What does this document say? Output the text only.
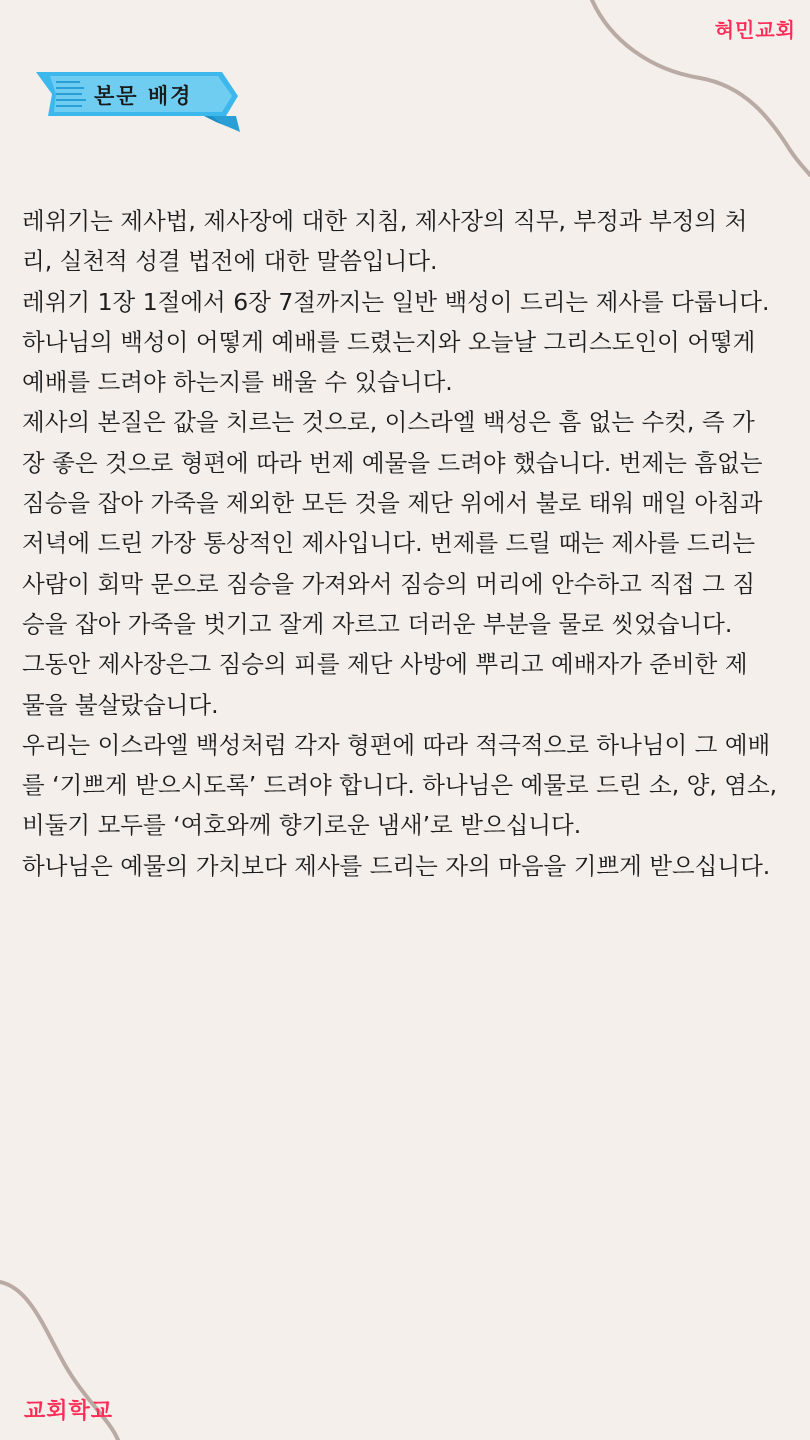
혀민교회
본문 배경
레위기는 제사법, 제사장에 대한 지침, 제사장의 직무, 부정과 부정의 처
리, 실천적 성결 법전에 대한 말씀입니다.
레위기 1장 1절에서 6장 7절까지는 일반 백성이 드리는 제사를 다룹니다.
하나님의 백성이 어떻게 예배를 드렸는지와 오늘날 그리스도인이 어떻게
예배를 드려야 하는지를 배울 수 있습니다.
제사의 본질은 값을 치르는 것으로, 이스라엘 백성은 흠 없는 수컷, 즉 가
장 좋은 것으로 형편에 따라 번제 예물을 드려야 했습니다. 번제는 흠없는
짐승을 잡아 가죽을 제외한 모든 것을 제단 위에서 불로 태워 매일 아침과
저녁에 드린 가장 통상적인 제사입니다. 번제를 드릴 때는 제사를 드리는
사람이 회막 문으로 짐승을 가져와서 짐승의 머리에 안수하고 직접 그 짐
승을 잡아 가죽을 벗기고 잘게 자르고 더러운 부분을 물로 씻었습니다.
그동안 제사장은그 짐승의 피를 제단 사방에 뿌리고 예배자가 준비한 제
물을 불살랐습니다.
우리는 이스라엘 백성처럼 각자 형편에 따라 적극적으로 하나님이 그 예배
를 ‘기쁘게 받으시도록’ 드려야 합니다. 하나님은 예물로 드린 소, 양, 염소,
비둘기 모두를 ‘여호와께 향기로운 냄새’로 받으십니다.
하나님은 예물의 가치보다 제사를 드리는 자의 마음을 기쁘게 받으십니다.
교회학교
